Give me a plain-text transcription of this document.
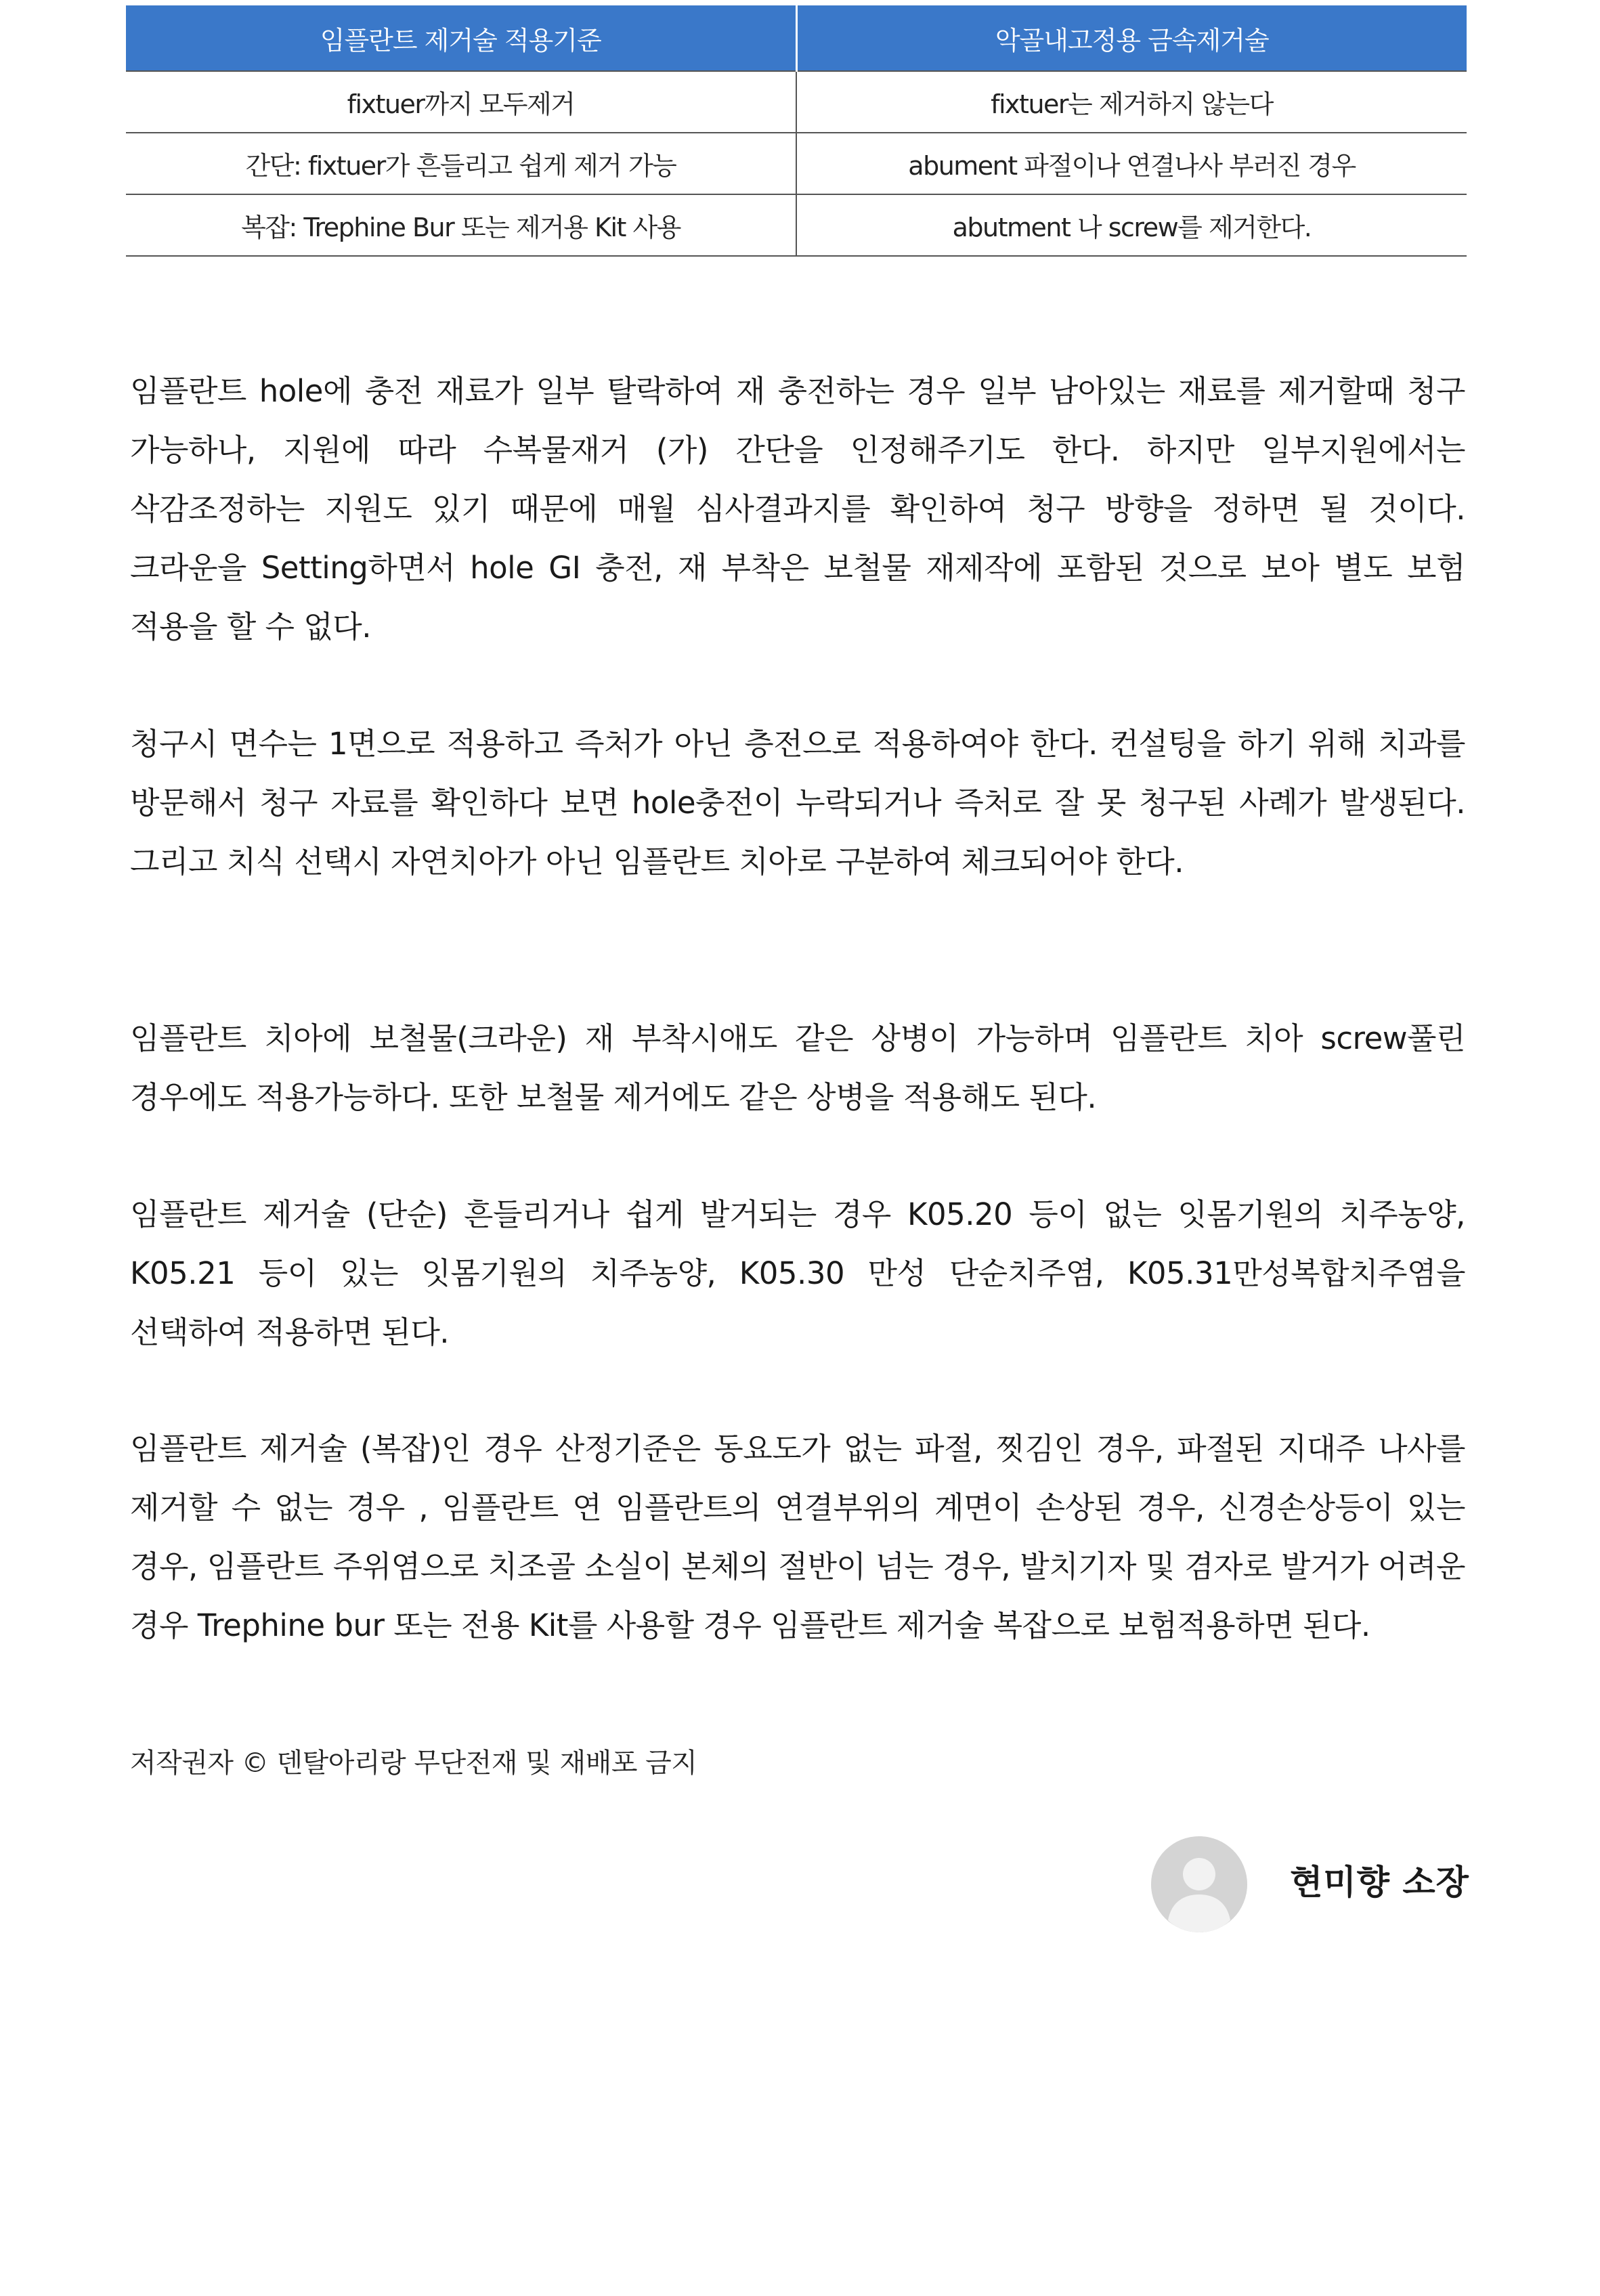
임플란트 제거술 적용기준	악골내고정용 금속제거술
fixtuer까지 모두제거	fixtuer는 제거하지 않는다
간단: fixtuer가 흔들리고 쉽게 제거 가능	abument 파절이나 연결나사 부러진 경우
복잡: Trephine Bur 또는 제거용 Kit 사용	abutment 나 screw를 제거한다.

임플란트 hole에 충전 재료가 일부 탈락하여 재 충전하는 경우 일부 남아있는 재료를 제거할때 청구 가능하나, 지원에 따라 수복물재거 (가) 간단을 인정해주기도 한다. 하지만 일부지원에서는 삭감조정하는 지원도 있기 때문에 매월 심사결과지를 확인하여 청구 방향을 정하면 될 것이다. 크라운을 Setting하면서 hole GI 충전, 재 부착은 보철물 재제작에 포함된 것으로 보아 별도 보험 적용을 할 수 없다.

청구시 면수는 1면으로 적용하고 즉처가 아닌 층전으로 적용하여야 한다. 컨설팅을 하기 위해 치과를 방문해서 청구 자료를 확인하다 보면 hole충전이 누락되거나 즉처로 잘 못 청구된 사례가 발생된다. 그리고 치식 선택시 자연치아가 아닌 임플란트 치아로 구분하여 체크되어야 한다.

임플란트 치아에 보철물(크라운) 재 부착시애도 같은 상병이 가능하며 임플란트 치아 screw풀린 경우에도 적용가능하다. 또한 보철물 제거에도 같은 상병을 적용해도 된다.

임플란트 제거술 (단순) 흔들리거나 쉽게 발거되는 경우 K05.20 등이 없는 잇몸기원의 치주농양, K05.21 등이 있는 잇몸기원의 치주농양, K05.30 만성 단순치주염, K05.31만성복합치주염을 선택하여 적용하면 된다.

임플란트 제거술 (복잡)인 경우 산정기준은 동요도가 없는 파절, 찟김인 경우, 파절된 지대주 나사를 제거할 수 없는 경우 , 임플란트 연 임플란트의 연결부위의 계면이 손상된 경우, 신경손상등이 있는 경우, 임플란트 주위염으로 치조골 소실이 본체의 절반이 넘는 경우, 발치기자 및 겸자로 발거가 어려운 경우 Trephine bur 또는 전용 Kit를 사용할 경우 임플란트 제거술 복잡으로 보험적용하면 된다.

저작권자 © 덴탈아리랑 무단전재 및 재배포 금지
현미향 소장
